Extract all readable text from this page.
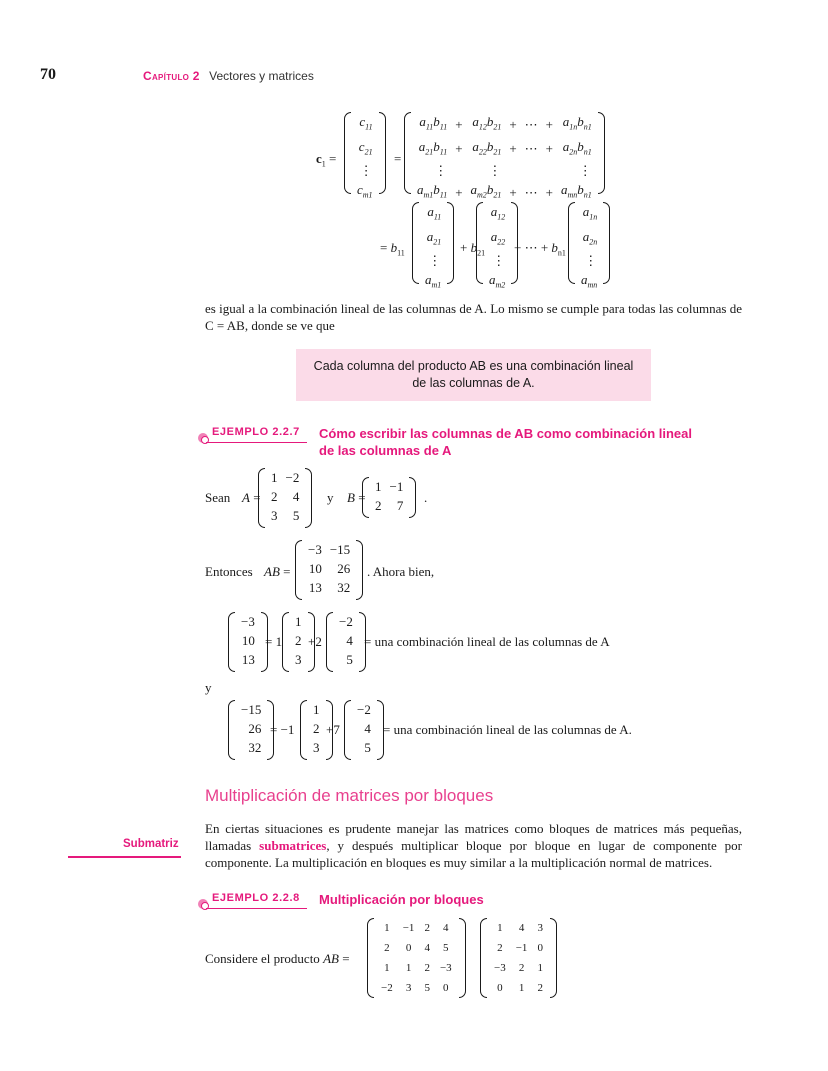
70	Capítulo 2 Vectores y matrices
$c_1$ =
$c_{11}$
$c_{21}$
⋮
$c_{m1}$
=
$a_{11}b_{11}$	+	$a_{12}b_{21}$	+	⋯	+	$a_{1n}b_{n1}$
$a_{21}b_{11}$	+	$a_{22}b_{21}$	+	⋯	+	$a_{2n}b_{n1}$
⋮		⋮				⋮
$a_{m1}b_{11}$	+	$a_{m2}b_{21}$	+	⋯	+	$a_{mn}b_{n1}$
= $b_{11}$
$a_{11}$
$a_{21}$
⋮
$a_{m1}$
+ $b_{21}$
$a_{12}$
$a_{22}$
⋮
$a_{m2}$
+ ⋯ + $b_{n1}$
$a_{1n}$
$a_{2n}$
⋮
$a_{mn}$
es igual a la combinación lineal de las columnas de A. Lo mismo se cumple para todas las columnas de C = AB, donde se ve que
Cada columna del producto AB es una combinación lineal
de las columnas de A.
EJEMPLO 2.2.7 Cómo escribir las columnas de AB como combinación lineal
de las columnas de A
Sean A =
1	−2
2	4
3	5
y B =
1	−1
2	7
.
Entonces AB =
−3	−15
10	26
13	32
. Ahora bien,
−3
10
13
= 1
1
2
3
+2
−2
4
5
= una combinación lineal de las columnas de A
y
−15
26
32
= −1
1
2
3
+7
−2
4
5
= una combinación lineal de las columnas de A.
Multiplicación de matrices por bloques
Submatriz
En ciertas situaciones es prudente manejar las matrices como bloques de matrices más pequeñas, llamadas submatrices, y después multiplicar bloque por bloque en lugar de componente por componente. La multiplicación en bloques es muy similar a la multiplicación normal de matrices.
EJEMPLO 2.2.8 Multiplicación por bloques
Considere el producto AB =
1	−1	2	4
2	0	4	5
1	1	2	−3
−2	3	5	0
1	4	3
2	−1	0
−3	2	1
0	1	2
